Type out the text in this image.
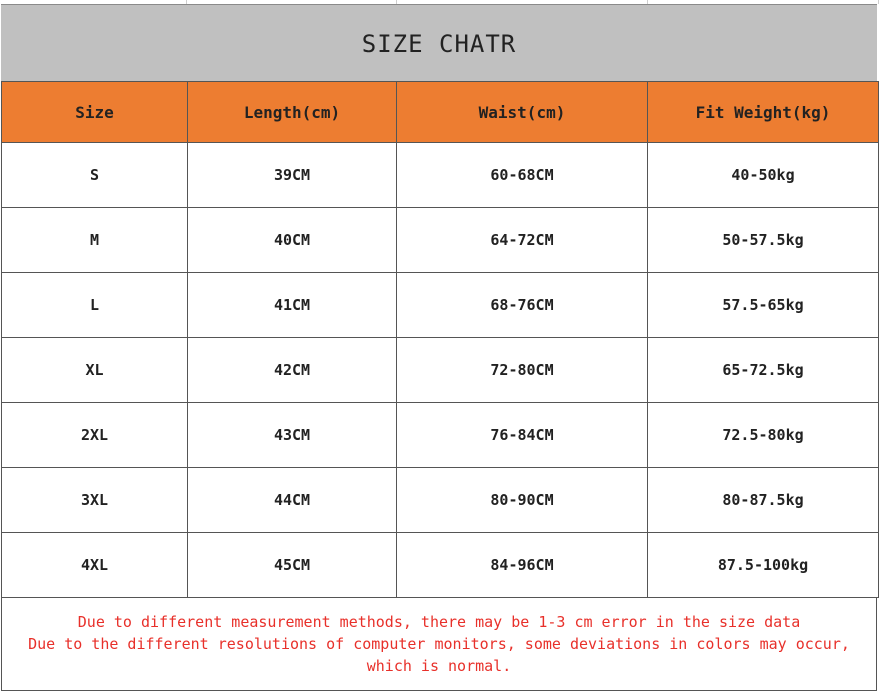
SIZE CHATR
Size	Length(cm)	Waist(cm)	Fit Weight(kg)
S	39CM	60-68CM	40-50kg
M	40CM	64-72CM	50-57.5kg
L	41CM	68-76CM	57.5-65kg
XL	42CM	72-80CM	65-72.5kg
2XL	43CM	76-84CM	72.5-80kg
3XL	44CM	80-90CM	80-87.5kg
4XL	45CM	84-96CM	87.5-100kg
Due to different measurement methods, there may be 1-3 cm error in the size data
Due to the different resolutions of computer monitors, some deviations in colors may occur,
which is normal.
